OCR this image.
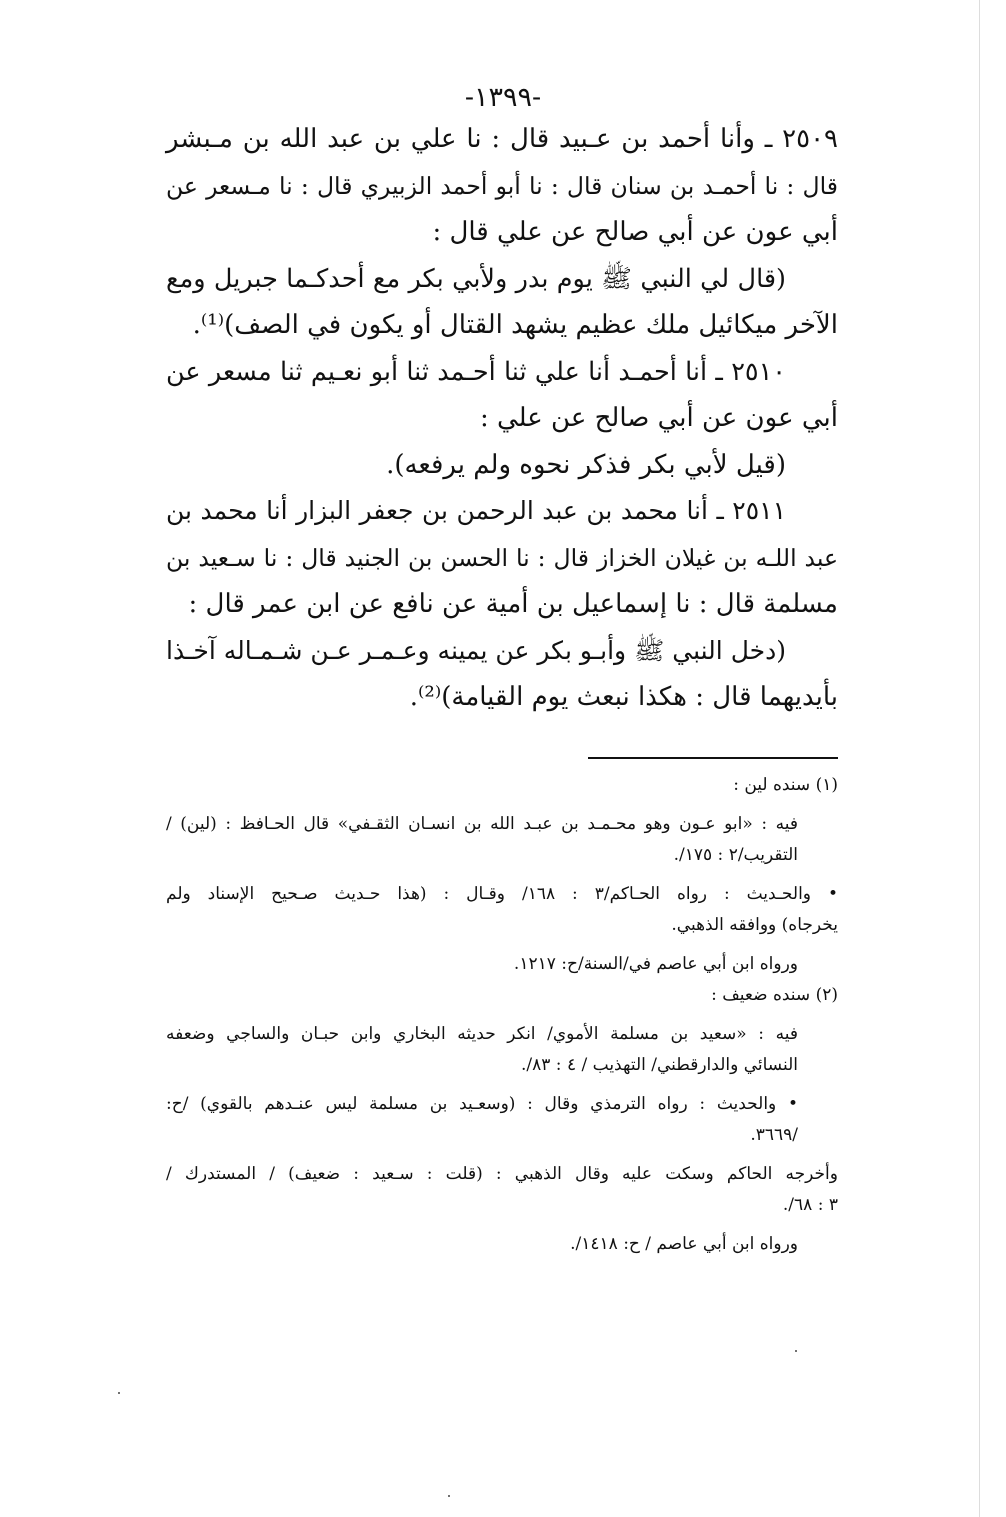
-١٣٩٩-
٢٥٠٩ ـ وأنا أحمد بن عـبيد قال : نا علي بن عبد الله بن مـبشر
قال : نا أحمـد بن سنان قال : نا أبو أحمد الزبيري قال : نا مـسعر عن
أبي عون عن أبي صالح عن علي قال :
(قال لي النبي ﷺ يوم بدر ولأبي بكر مع أحدكـما جبريل ومع
الآخر ميكائيل ملك عظيم يشهد القتال أو يكون في الصف)⁽¹⁾.
٢٥١٠ ـ أنا أحمـد أنا علي ثنا أحـمد ثنا أبو نعـيم ثنا مسعر عن
أبي عون عن أبي صالح عن علي :
(قيل لأبي بكر فذكر نحوه ولم يرفعه).
٢٥١١ ـ أنا محمد بن عبد الرحمن بن جعفر البزار أنا محمد بن
عبد اللـه بن غيلان الخزاز قال : نا الحسن بن الجنيد قال : نا سـعيد بن
مسلمة قال : نا إسماعيل بن أمية عن نافع عن ابن عمر قال :
(دخل النبي ﷺ وأبـو بكر عن يمينه وعـمـر عـن شـمـاله آخـذا
بأيديهما قال : هكذا نبعث يوم القيامة)⁽²⁾.
(١) سنده لين :
فيه : «ابو عـون وهو محـمـد بن عبـد الله بن انسـان الثقـفي» قال الحـافظ : (لين) /
التقريب/٢ : ١٧٥/.
• والحـديث : رواه الحـاكم/٣ : ١٦٨/ وقـال : (هذا حـديث صـحيح الإسناد ولم
يخرجاه) ووافقه الذهبي.
ورواه ابن أبي عاصم في/السنة/ح: ١٢١٧.
(٢) سنده ضعيف :
فيه : «سعيد بن مسلمة الأموي/ انكر حديثه البخاري وابن حبـان والساجي وضعفه
النسائي والدارقطني/ التهذيب / ٤ : ٨٣/.
• والحديث : رواه الترمذي وقال : (وسعـيد بن مسلمة ليس عنـدهم بالقوي) /ح:
/٣٦٦٩.
وأخرجه الحاكم وسكت عليه وقال الذهبي : (قلت : سـعيد : ضعيف) / المستدرك /
٣ : ٦٨/.
ورواه ابن أبي عاصم / ح: ١٤١٨/.
